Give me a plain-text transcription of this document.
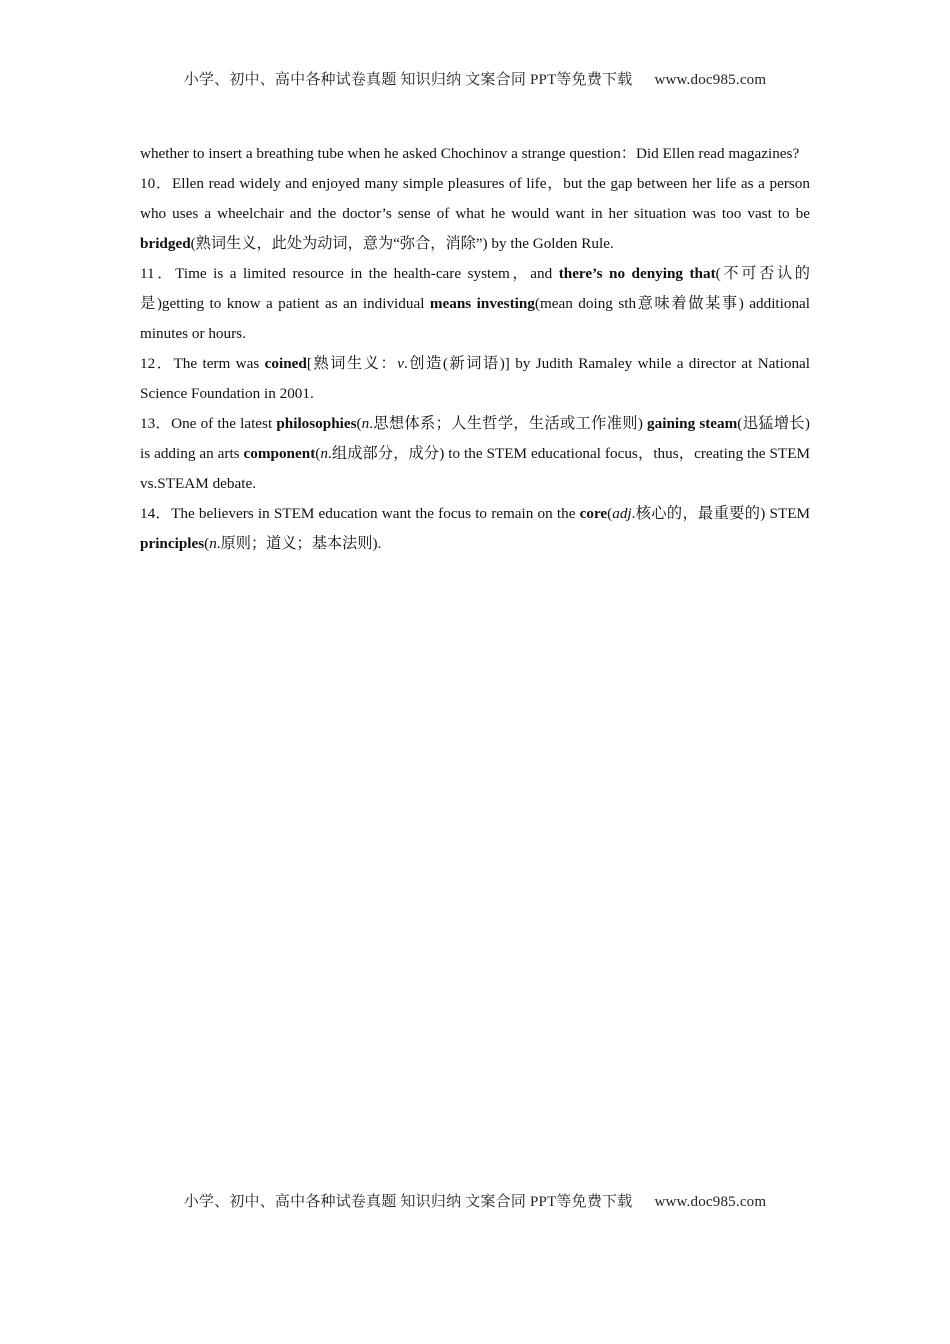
小学、初中、高中各种试卷真题 知识归纳 文案合同 PPT等免费下载 www.doc985.com

whether to insert a breathing tube when he asked Chochinov a strange question：Did Ellen read magazines?

10．Ellen read widely and enjoyed many simple pleasures of life，but the gap between her life as a person who uses a wheelchair and the doctor’s sense of what he would want in her situation was too vast to be bridged(熟词生义，此处为动词，意为“弥合，消除”) by the Golden Rule.

11．Time is a limited resource in the health-care system，and there’s no denying that(不可否认的是)getting to know a patient as an individual means investing(mean doing sth意味着做某事) additional minutes or hours.

12．The term was coined[熟词生义：v.创造(新词语)] by Judith Ramaley while a director at National Science Foundation in 2001.

13．One of the latest philosophies(n.思想体系；人生哲学，生活或工作准则) gaining steam(迅猛增长) is adding an arts component(n.组成部分，成分) to the STEM educational focus，thus，creating the STEM vs.STEAM debate.

14．The believers in STEM education want the focus to remain on the core(adj.核心的，最重要的) STEM principles(n.原则；道义；基本法则).

小学、初中、高中各种试卷真题 知识归纳 文案合同 PPT等免费下载 www.doc985.com
